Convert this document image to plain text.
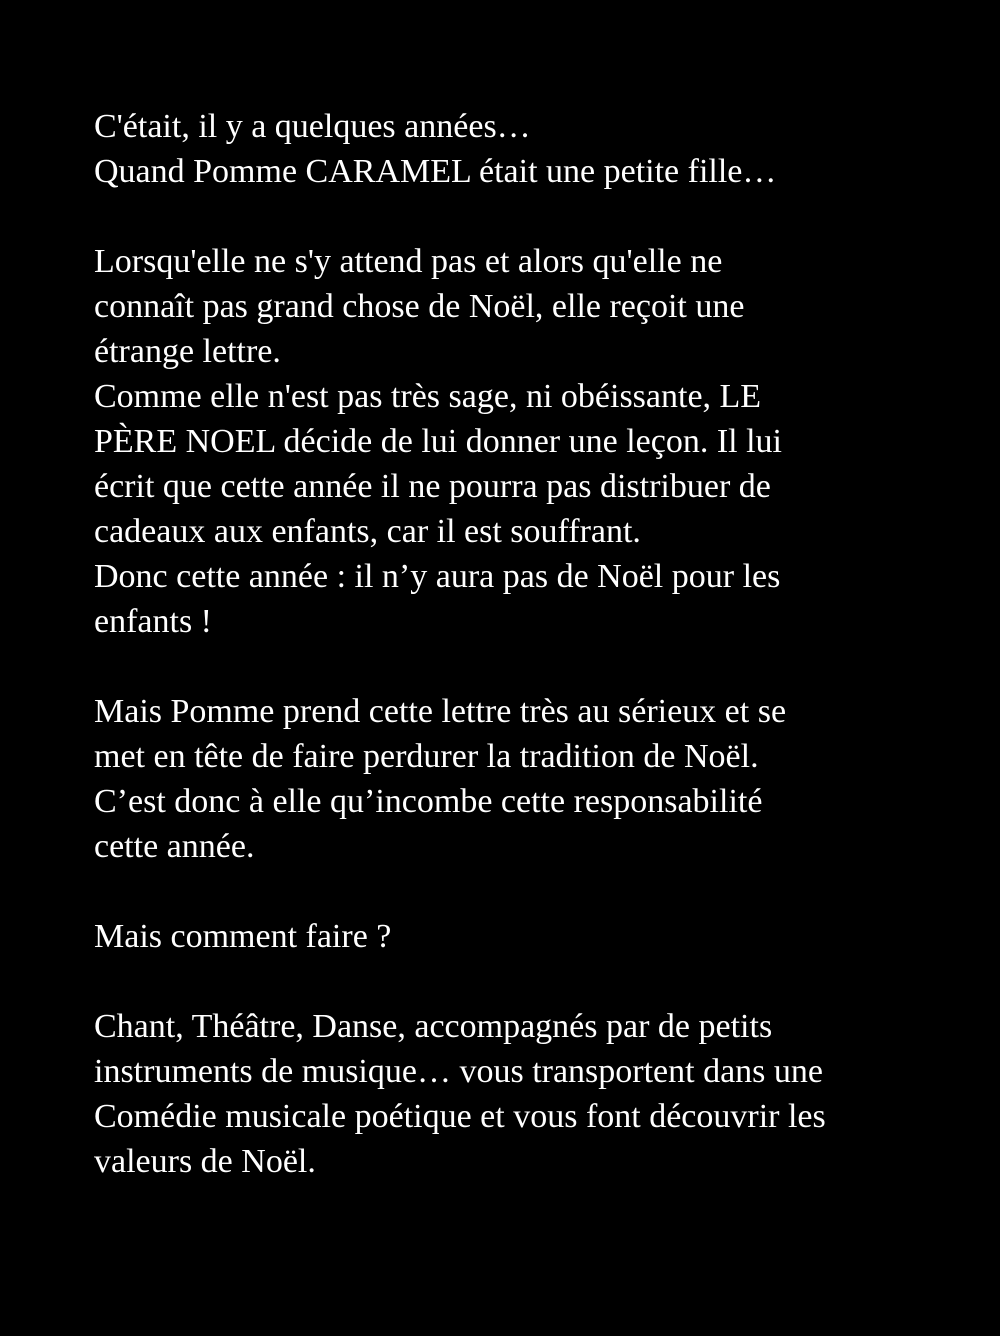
C'était, il y a quelques années…
Quand Pomme CARAMEL était une petite fille…

Lorsqu'elle ne s'y attend pas et alors qu'elle ne
connaît pas grand chose de Noël, elle reçoit une
étrange lettre.
Comme elle n'est pas très sage, ni obéissante, LE
PÈRE NOEL décide de lui donner une leçon. Il lui
écrit que cette année il ne pourra pas distribuer de
cadeaux aux enfants, car il est souffrant.
Donc cette année : il n’y aura pas de Noël pour les
enfants !

Mais Pomme prend cette lettre très au sérieux et se
met en tête de faire perdurer la tradition de Noël.
C’est donc à elle qu’incombe cette responsabilité
cette année.

Mais comment faire ?

Chant, Théâtre, Danse, accompagnés par de petits
instruments de musique… vous transportent dans une
Comédie musicale poétique et vous font découvrir les
valeurs de Noël.
